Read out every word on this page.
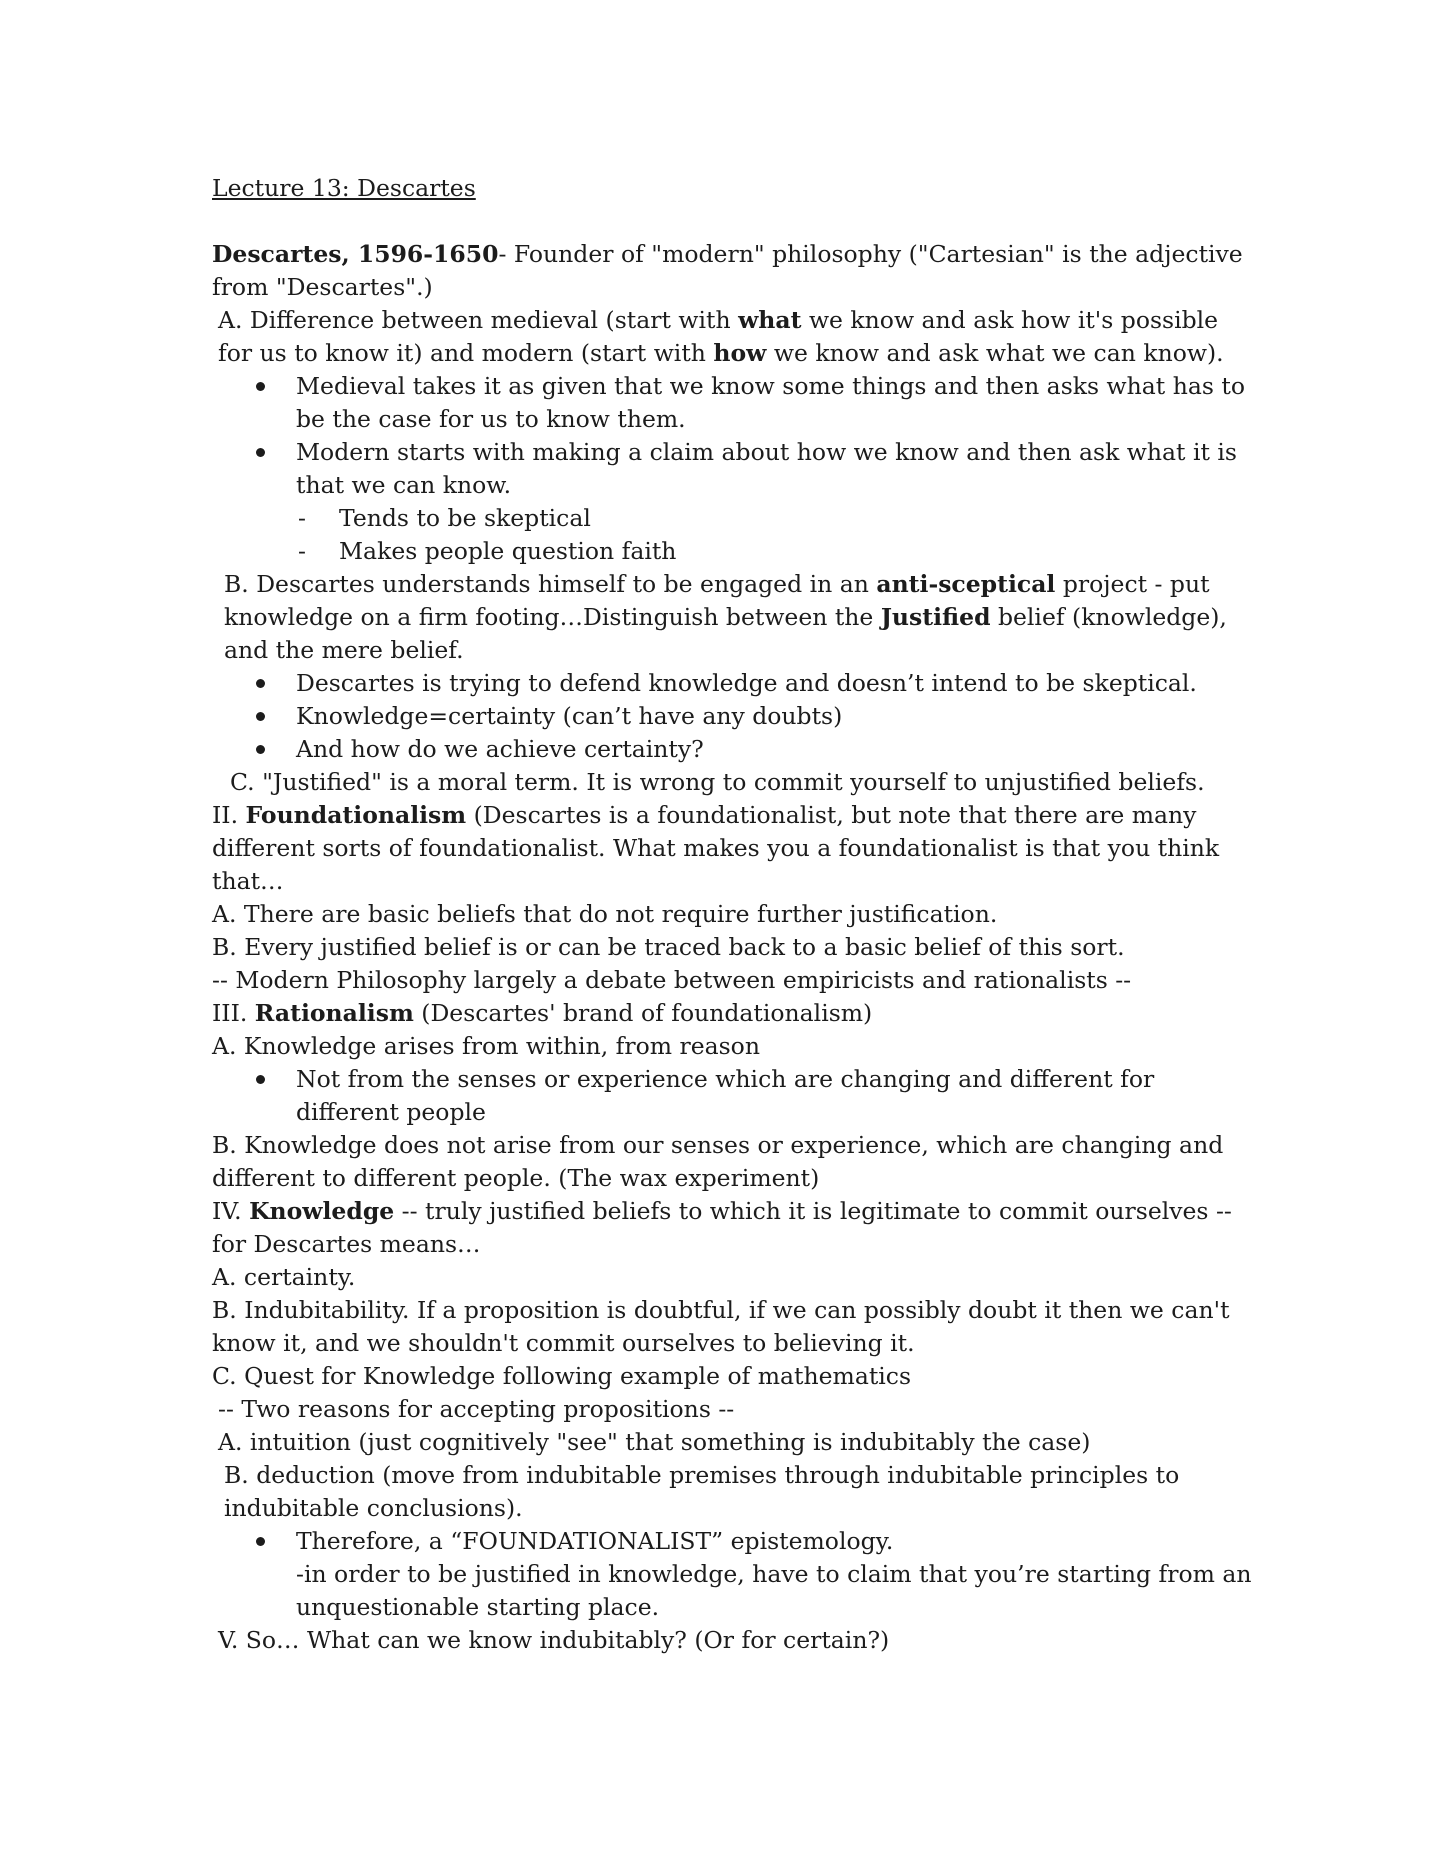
Lecture 13: Descartes

Descartes, 1596-1650- Founder of "modern" philosophy ("Cartesian" is the adjective from "Descartes".)

A. Difference between medieval (start with what we know and ask how it's possible for us to know it) and modern (start with how we know and ask what we can know).

Medieval takes it as given that we know some things and then asks what has to be the case for us to know them.
Modern starts with making a claim about how we know and then ask what it is that we can know.
- Tends to be skeptical
- Makes people question faith

B. Descartes understands himself to be engaged in an anti-sceptical project - put knowledge on a firm footing…Distinguish between the Justified belief (knowledge), and the mere belief.

Descartes is trying to defend knowledge and doesn’t intend to be skeptical.
Knowledge=certainty (can’t have any doubts)
And how do we achieve certainty?

C. "Justified" is a moral term. It is wrong to commit yourself to unjustified beliefs.

II. Foundationalism (Descartes is a foundationalist, but note that there are many different sorts of foundationalist. What makes you a foundationalist is that you think that…

A. There are basic beliefs that do not require further justification.

B. Every justified belief is or can be traced back to a basic belief of this sort.

-- Modern Philosophy largely a debate between empiricists and rationalists --

III. Rationalism (Descartes' brand of foundationalism)

A. Knowledge arises from within, from reason

Not from the senses or experience which are changing and different for different people

B. Knowledge does not arise from our senses or experience, which are changing and different to different people. (The wax experiment)

IV. Knowledge -- truly justified beliefs to which it is legitimate to commit ourselves -- for Descartes means…

A. certainty.

B. Indubitability. If a proposition is doubtful, if we can possibly doubt it then we can't know it, and we shouldn't commit ourselves to believing it.

C. Quest for Knowledge following example of mathematics

-- Two reasons for accepting propositions --

A. intuition (just cognitively "see" that something is indubitably the case)

B. deduction (move from indubitable premises through indubitable principles to indubitable conclusions).

Therefore, a “FOUNDATIONALIST” epistemology.

-in order to be justified in knowledge, have to claim that you’re starting from an unquestionable starting place.

V. So… What can we know indubitably? (Or for certain?)
